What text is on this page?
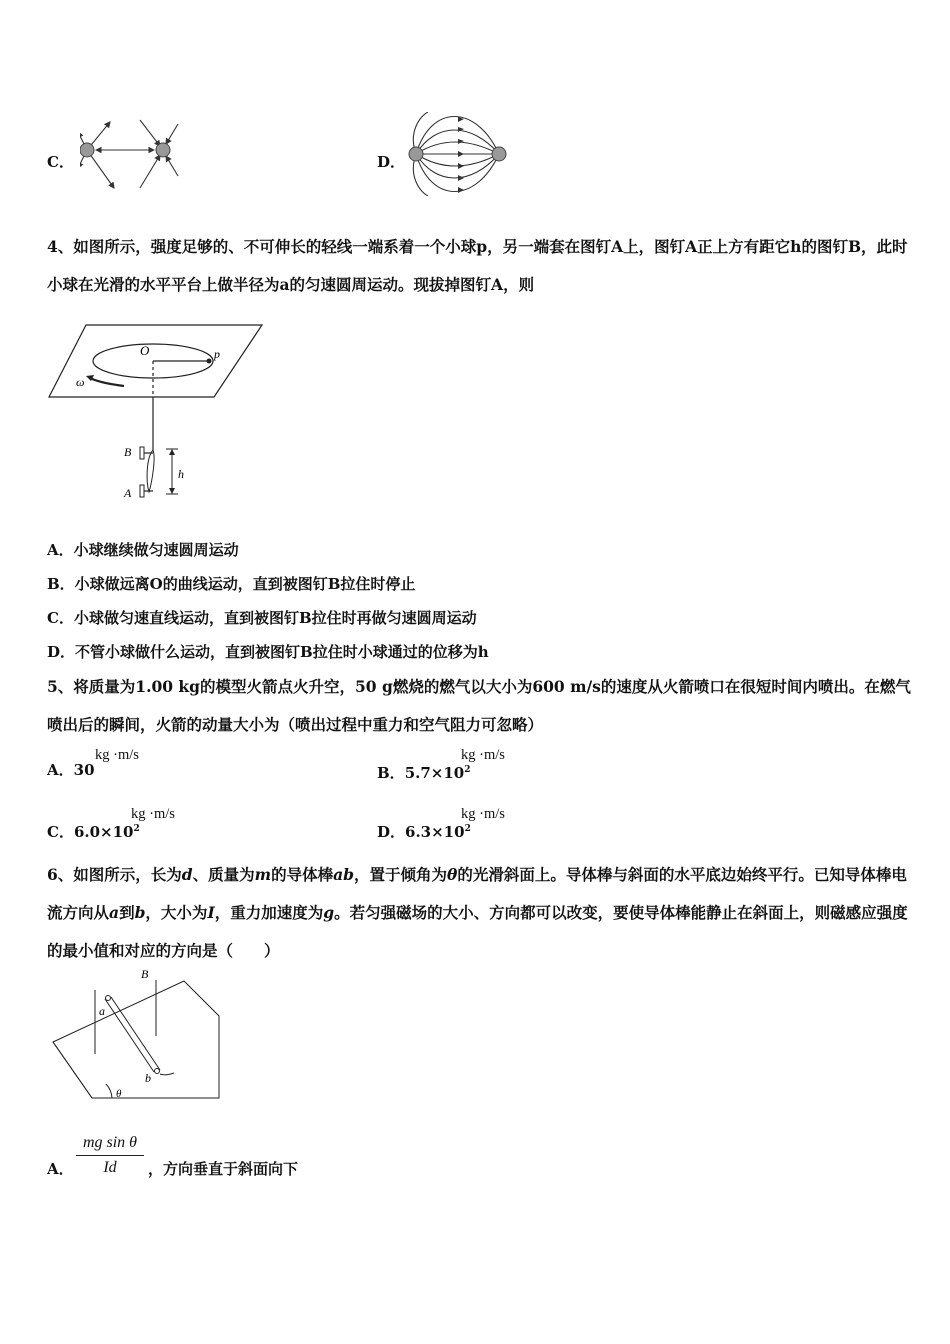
C．	D．
4、如图所示，强度足够的、不可伸长的轻线一端系着一个小球p，另一端套在图钉A上，图钉A正上方有距它h的图钉B，此时小球在光滑的水平平台上做半径为a的匀速圆周运动。现拔掉图钉A，则
O	p
ω
B
A
h
A．小球继续做匀速圆周运动
B．小球做远离O的曲线运动，直到被图钉B拉住时停止
C．小球做匀速直线运动，直到被图钉B拉住时再做匀速圆周运动
D．不管小球做什么运动，直到被图钉B拉住时小球通过的位移为h
5、将质量为1.00 kg的模型火箭点火升空，50 g燃烧的燃气以大小为600 m/s的速度从火箭喷口在很短时间内喷出。在燃气喷出后的瞬间，火箭的动量大小为（喷出过程中重力和空气阻力可忽略）
A．30
kg ·m/s
B．$5.7\times 10^2$
kg ·m/s
C．$6.0\times 10^2$
kg ·m/s
D．$6.3\times 10^2$
kg ·m/s
6、如图所示，长为d、质量为m的导体棒ab，置于倾角为θ的光滑斜面上。导体棒与斜面的水平底边始终平行。已知导体棒电流方向从a到b，大小为I，重力加速度为g。若匀强磁场的大小、方向都可以改变，要使导体棒能静止在斜面上，则磁感应强度的最小值和对应的方向是（　　）
B
a
b
θ
A．
mg sin θ
Id	，方向垂直于斜面向下
